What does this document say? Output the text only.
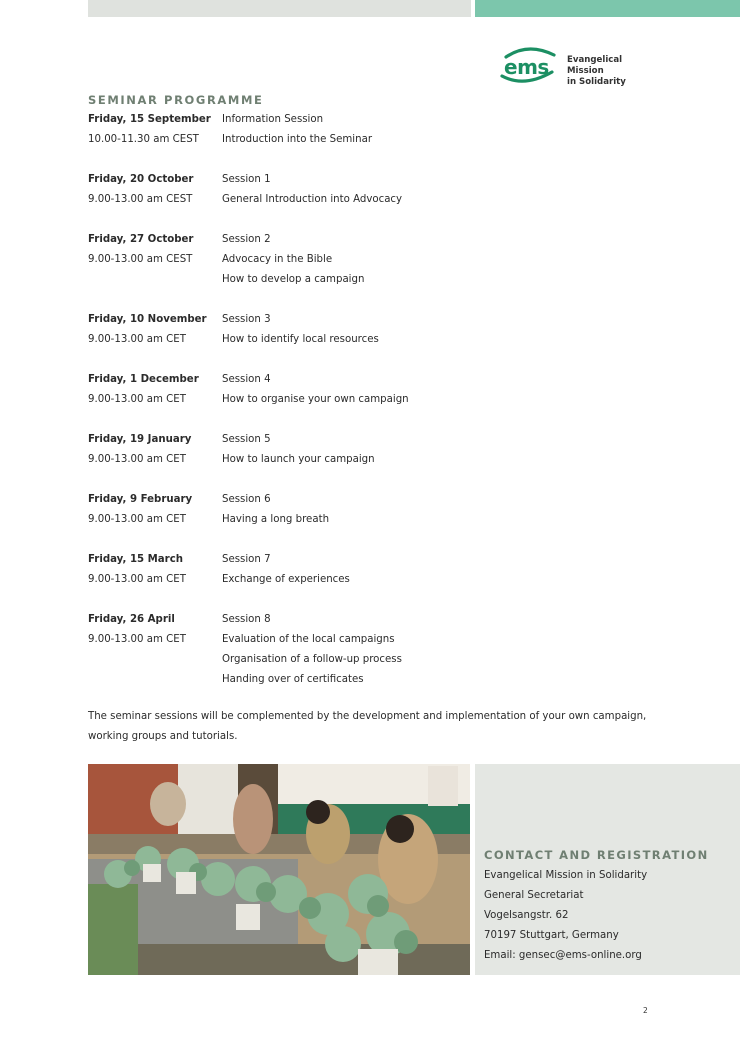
ems Evangelical Mission
in Solidarity
SEMINAR PROGRAMME
Friday, 15 September	Information Session
10.00-11.30 am CEST	Introduction into the Seminar
Friday, 20 October	Session 1
9.00-13.00 am CEST	General Introduction into Advocacy
Friday, 27 October	Session 2
9.00-13.00 am CEST	Advocacy in the Bible
How to develop a campaign
Friday, 10 November	Session 3
9.00-13.00 am CET	How to identify local resources
Friday, 1 December	Session 4
9.00-13.00 am CET	How to organise your own campaign
Friday, 19 January	Session 5
9.00-13.00 am CET	How to launch your campaign
Friday, 9 February	Session 6
9.00-13.00 am CET	Having a long breath
Friday, 15 March	Session 7
9.00-13.00 am CET	Exchange of experiences
Friday, 26 April	Session 8
9.00-13.00 am CET	Evaluation of the local campaigns
Organisation of a follow-up process
Handing over of certificates
The seminar sessions will be complemented by the development and implementation of your own campaign,
working groups and tutorials.
CONTACT AND REGISTRATION
Evangelical Mission in Solidarity
General Secretariat
Vogelsangstr. 62
70197 Stuttgart, Germany
Email: gensec@ems-online.org
2
